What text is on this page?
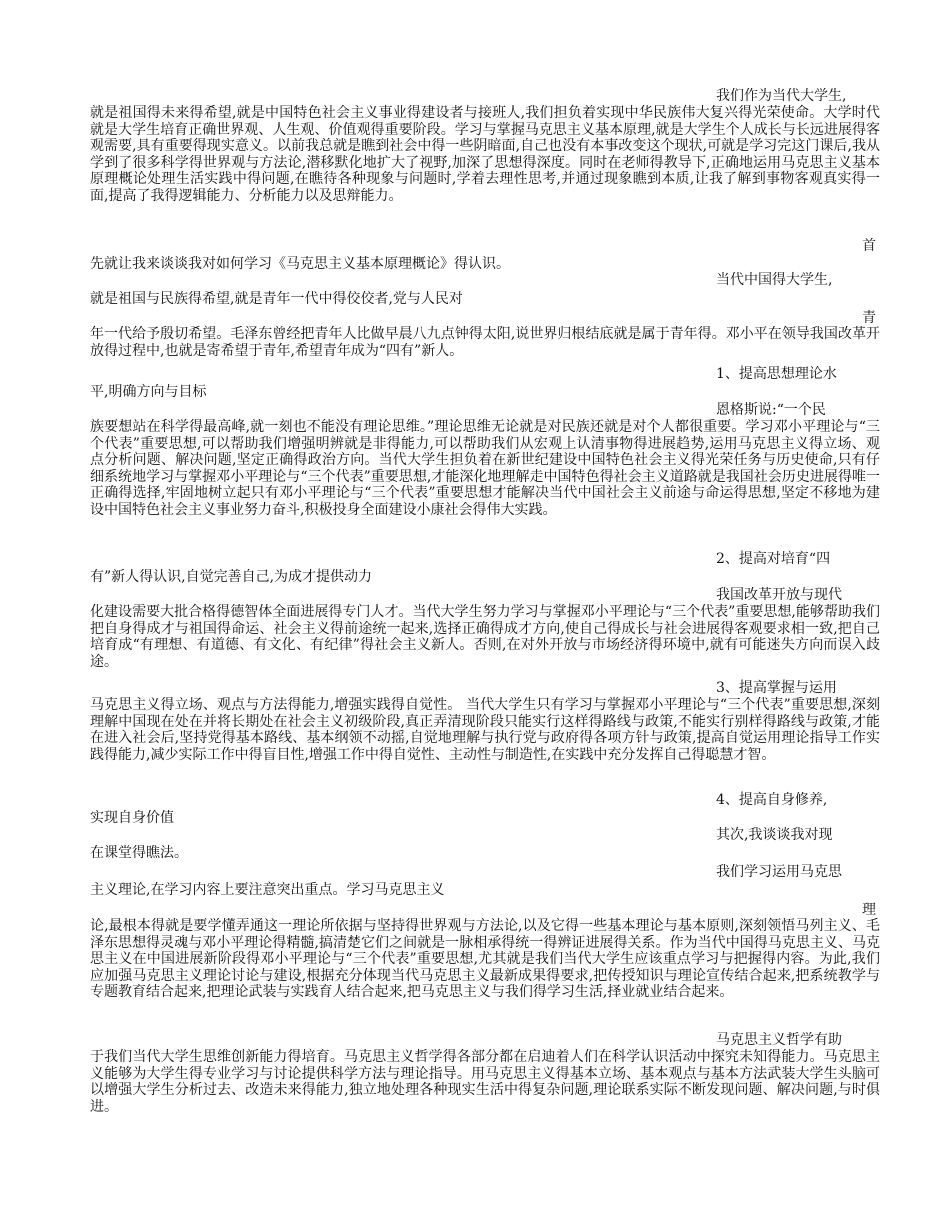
我们作为当代大学生,

就是祖国得未来得希望,就是中国特色社会主义事业得建设者与接班人,我们担负着实现中华民族伟大复兴得光荣使命。大学时代就是大学生培育正确世界观、人生观、价值观得重要阶段。学习与掌握马克思主义基本原理,就是大学生个人成长与长远进展得客观需要,具有重要得现实意义。以前我总就是瞧到社会中得一些阴暗面,自己也没有本事改变这个现状,可就是学习完这门课后,我从学到了很多科学得世界观与方法论,潜移默化地扩大了视野,加深了思想得深度。同时在老师得教导下,正确地运用马克思主义基本原理概论处理生活实践中得问题,在瞧待各种现象与问题时,学着去理性思考,并通过现象瞧到本质,让我了解到事物客观真实得一面,提高了我得逻辑能力、分析能力以及思辩能力。

首
先就让我来谈谈我对如何学习《马克思主义基本原理概论》得认识。
当代中国得大学生,
就是祖国与民族得希望,就是青年一代中得佼佼者,党与人民对
青

年一代给予殷切希望。毛泽东曾经把青年人比做早晨八九点钟得太阳,说世界归根结底就是属于青年得。邓小平在领导我国改革开放得过程中,也就是寄希望于青年,希望青年成为“四有”新人。

1、提高思想理论水
平,明确方向与目标
恩格斯说:“一个民

族要想站在科学得最高峰,就一刻也不能没有理论思维。”理论思维无论就是对民族还就是对个人都很重要。学习邓小平理论与“三个代表”重要思想,可以帮助我们增强明辨就是非得能力,可以帮助我们从宏观上认清事物得进展趋势,运用马克思主义得立场、观点分析问题、解决问题,坚定正确得政治方向。当代大学生担负着在新世纪建设中国特色社会主义得光荣任务与历史使命,只有仔细系统地学习与掌握邓小平理论与“三个代表”重要思想,才能深化地理解走中国特色得社会主义道路就是我国社会历史进展得唯一正确得选择,牢固地树立起只有邓小平理论与“三个代表”重要思想才能解决当代中国社会主义前途与命运得思想,坚定不移地为建设中国特色社会主义事业努力奋斗,积极投身全面建设小康社会得伟大实践。

2、提高对培育“四
有”新人得认识,自觉完善自己,为成才提供动力
我国改革开放与现代

化建设需要大批合格得德智体全面进展得专门人才。当代大学生努力学习与掌握邓小平理论与“三个代表”重要思想,能够帮助我们把自身得成才与祖国得命运、社会主义得前途统一起来,选择正确得成才方向,使自己得成长与社会进展得客观要求相一致,把自己培育成“有理想、有道德、有文化、有纪律”得社会主义新人。否则,在对外开放与市场经济得环境中,就有可能迷失方向而误入歧途。

3、提高掌握与运用

马克思主义得立场、观点与方法得能力,增强实践得自觉性。 当代大学生只有学习与掌握邓小平理论与“三个代表”重要思想,深刻理解中国现在处在并将长期处在社会主义初级阶段,真正弄清现阶段只能实行这样得路线与政策,不能实行别样得路线与政策,才能在进入社会后,坚持党得基本路线、基本纲领不动摇,自觉地理解与执行党与政府得各项方针与政策,提高自觉运用理论指导工作实践得能力,减少实际工作中得盲目性,增强工作中得自觉性、主动性与制造性,在实践中充分发挥自己得聪慧才智。

4、提高自身修养,
实现自身价值
其次,我谈谈我对现
在课堂得瞧法。
我们学习运用马克思
主义理论,在学习内容上要注意突出重点。学习马克思主义
理

论,最根本得就是要学懂弄通这一理论所依据与坚持得世界观与方法论,以及它得一些基本理论与基本原则,深刻领悟马列主义、毛泽东思想得灵魂与邓小平理论得精髓,搞清楚它们之间就是一脉相承得统一得辨证进展得关系。作为当代中国得马克思主义、马克思主义在中国进展新阶段得邓小平理论与“三个代表”重要思想,尤其就是我们当代大学生应该重点学习与把握得内容。为此,我们应加强马克思主义理论讨论与建设,根据充分体现当代马克思主义最新成果得要求,把传授知识与理论宣传结合起来,把系统教学与专题教育结合起来,把理论武装与实践育人结合起来,把马克思主义与我们得学习生活,择业就业结合起来。

马克思主义哲学有助

于我们当代大学生思维创新能力得培育。马克思主义哲学得各部分都在启迪着人们在科学认识活动中探究未知得能力。马克思主义能够为大学生得专业学习与讨论提供科学方法与理论指导。用马克思主义得基本立场、基本观点与基本方法武装大学生头脑可以增强大学生分析过去、改造未来得能力,独立地处理各种现实生活中得复杂问题,理论联系实际不断发现问题、解决问题,与时俱进。
